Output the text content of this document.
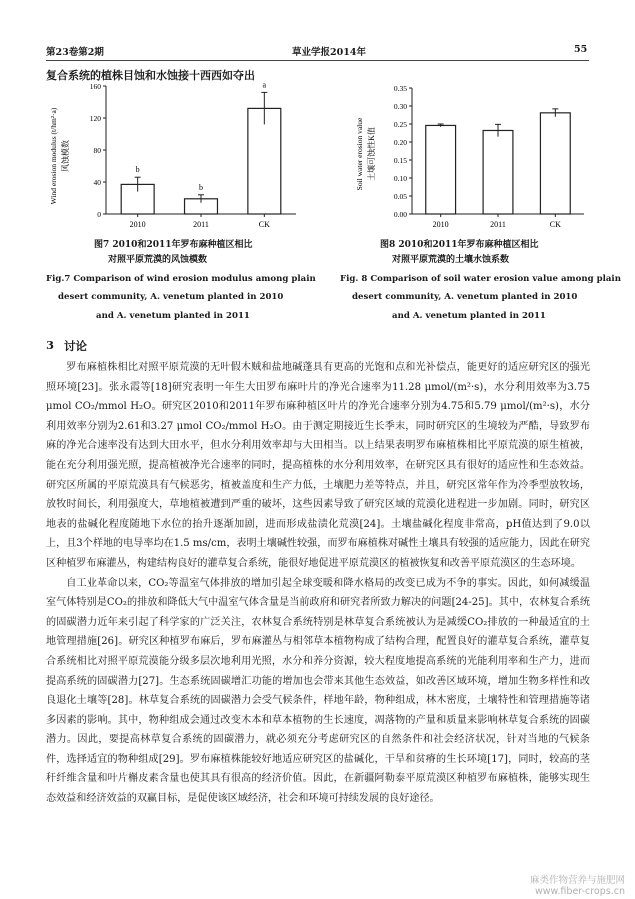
第23卷第2期	草业学报2014年	55
复合系统的植株目蚀和水蚀接十西西如夺出
风蚀模数
Wind erosion modulus (t/hm²·a)
0
40
80
120
160
b
2010
b
2011
a
CK
图7 2010和2011年罗布麻种植区相比
对照平原荒漠的风蚀模数
Fig.7 Comparison of wind erosion modulus among plain
desert community, A. venetum planted in 2010
and A. venetum planted in 2011
土壤可蚀性K值
Soil water erosion value
0.00
0.05
0.10
0.15
0.20
0.25
0.30
0.35
2010	2011	CK
图8 2010和2011年罗布麻种植区相比
对照平原荒漠的土壤水蚀系数
Fig. 8 Comparison of soil water erosion value among plain
desert community, A. venetum planted in 2010
and A. venetum planted in 2011
3 讨论

罗布麻植株相比对照平原荒漠的无叶假木贼和盐地碱蓬具有更高的光饱和点和光补偿点，能更好的适应研究区的强光照环境[23]。张永霞等[18]研究表明一年生大田罗布麻叶片的净光合速率为11.28 μmol/(m²·s)，水分利用效率为3.75 μmol CO₂/mmol H₂O。研究区2010和2011年罗布麻种植区叶片的净光合速率分别为4.75和5.79 μmol/(m²·s)，水分利用效率分别为2.61和3.27 μmol CO₂/mmol H₂O。由于测定期接近生长季末，同时研究区的生境较为严酷，导致罗布麻的净光合速率没有达到大田水平，但水分利用效率却与大田相当。以上结果表明罗布麻植株相比平原荒漠的原生植被，能在充分利用强光照，提高植被净光合速率的同时，提高植株的水分利用效率，在研究区具有很好的适应性和生态效益。研究区所属的平原荒漠具有气候恶劣，植被盖度和生产力低，土壤肥力差等特点，并且，研究区常年作为冷季型放牧场，放牧时间长，利用强度大，草地植被遭到严重的破坏，这些因素导致了研究区域的荒漠化进程进一步加剧。同时，研究区地表的盐碱化程度随地下水位的抬升逐渐加剧，进而形成盐渍化荒漠[24]。土壤盐碱化程度非常高，pH值达到了9.0以上，且3个样地的电导率均在1.5 ms/cm，表明土壤碱性较强，而罗布麻植株对碱性土壤具有较强的适应能力，因此在研究区种植罗布麻灌丛，构建结构良好的灌草复合系统，能很好地促进平原荒漠区的植被恢复和改善平原荒漠区的生态环境。

自工业革命以来，CO₂等温室气体排放的增加引起全球变暖和降水格局的改变已成为不争的事实。因此，如何减缓温室气体特别是CO₂的排放和降低大气中温室气体含量是当前政府和研究者所致力解决的问题[24-25]。其中，农林复合系统的固碳潜力近年来引起了科学家的广泛关注，农林复合系统特别是林草复合系统被认为是减缓CO₂排放的一种最适宜的土地管理措施[26]。研究区种植罗布麻后，罗布麻灌丛与相邻草本植物构成了结构合理，配置良好的灌草复合系统，灌草复合系统相比对照平原荒漠能分级多层次地利用光照，水分和养分资源，较大程度地提高系统的光能利用率和生产力，进而提高系统的固碳潜力[27]。生态系统固碳增汇功能的增加也会带来其他生态效益，如改善区域环境，增加生物多样性和改良退化土壤等[28]。林草复合系统的固碳潜力会受气候条件，样地年龄，物种组成，林木密度，土壤特性和管理措施等诸多因素的影响。其中，物种组成会通过改变木本和草本植物的生长速度，凋落物的产量和质量来影响林草复合系统的固碳潜力。因此，要提高林草复合系统的固碳潜力，就必须充分考虑研究区的自然条件和社会经济状况，针对当地的气候条件，选择适宜的物种组成[29]。罗布麻植株能较好地适应研究区的盐碱化，干旱和贫瘠的生长环境[17]，同时，较高的茎秆纤维含量和叶片槲皮素含量也使其具有很高的经济价值。因此，在新疆阿勒泰平原荒漠区种植罗布麻植株，能够实现生态效益和经济效益的双赢目标，是促使该区域经济，社会和环境可持续发展的良好途径。

麻类作物营养与施肥网
www.fiber-crops.cn
